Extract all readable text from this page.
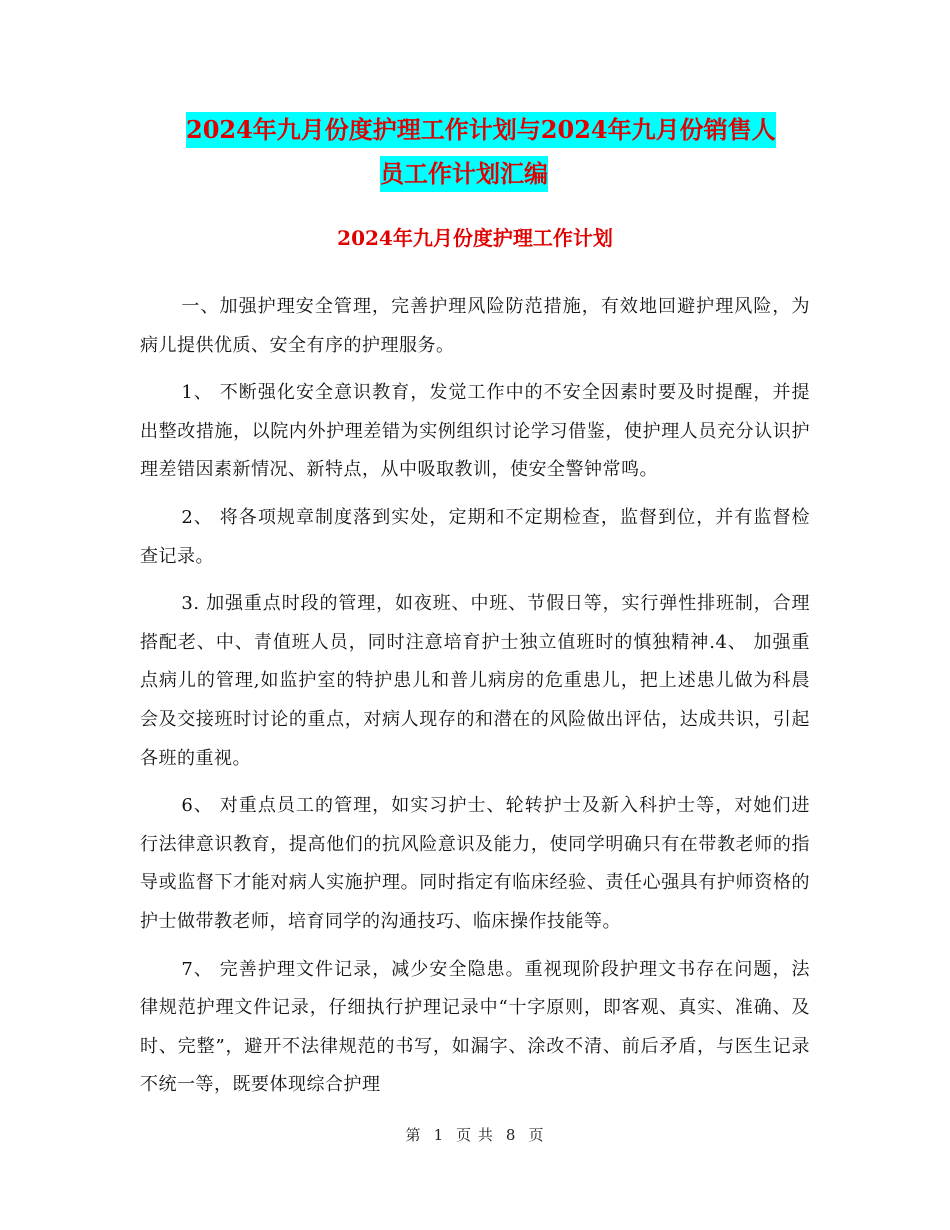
2024年九月份度护理工作计划与2024年九月份销售人
员工作计划汇编
2024年九月份度护理工作计划

一、加强护理安全管理，完善护理风险防范措施，有效地回避护理风险，为病儿提供优质、安全有序的护理服务。

1、 不断强化安全意识教育，发觉工作中的不安全因素时要及时提醒，并提出整改措施，以院内外护理差错为实例组织讨论学习借鉴，使护理人员充分认识护理差错因素新情况、新特点，从中吸取教训，使安全警钟常鸣。

2、 将各项规章制度落到实处，定期和不定期检查，监督到位，并有监督检查记录。

3. 加强重点时段的管理，如夜班、中班、节假日等，实行弹性排班制，合理搭配老、中、青值班人员，同时注意培育护士独立值班时的慎独精神.4、 加强重点病儿的管理,如监护室的特护患儿和普儿病房的危重患儿，把上述患儿做为科晨会及交接班时讨论的重点，对病人现存的和潜在的风险做出评估，达成共识，引起各班的重视。

6、 对重点员工的管理，如实习护士、轮转护士及新入科护士等，对她们进行法律意识教育，提高他们的抗风险意识及能力，使同学明确只有在带教老师的指导或监督下才能对病人实施护理。同时指定有临床经验、责任心强具有护师资格的护士做带教老师，培育同学的沟通技巧、临床操作技能等。

7、 完善护理文件记录，减少安全隐患。重视现阶段护理文书存在问题，法律规范护理文件记录，仔细执行护理记录中“十字原则，即客观、真实、准确、及时、完整”，避开不法律规范的书写，如漏字、涂改不清、前后矛盾，与医生记录不统一等，既要体现综合护理

第 1 页 共 8 页
